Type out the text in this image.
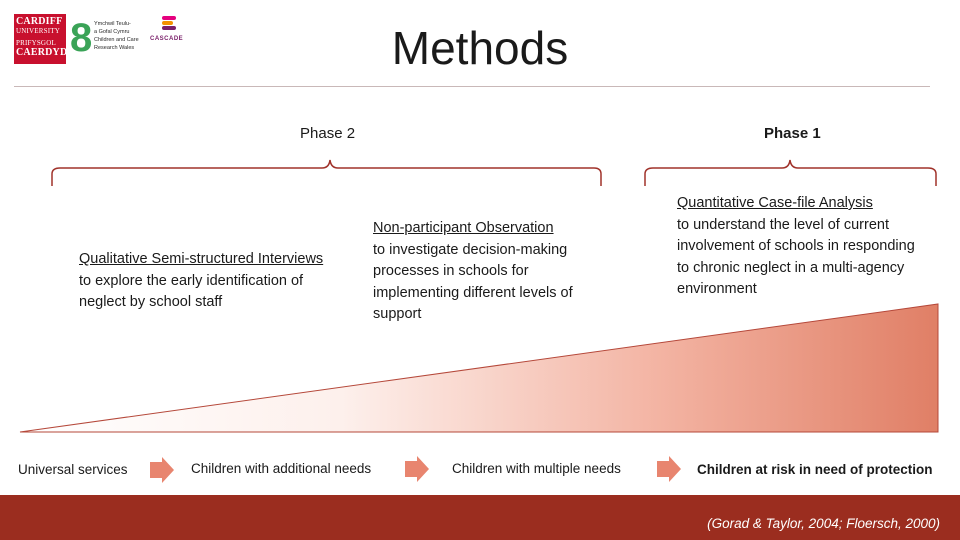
CARDIFF
UNIVERSITY
PRIFYSGOL
CAERDYDD
8 Ymchwil Teulu-
a Gofal Cymru
Children and Care
Research Wales
CASCADE	Methods
Phase 2	Phase 1
Qualitative Semi-structured Interviews
to explore the early identification of neglect by school staff
Non-participant Observation
to investigate decision-making processes in schools for implementing different levels of support
Quantitative Case-file Analysis
to understand the level of current involvement of schools in responding to chronic neglect in a multi-agency environment
Universal services	Children with additional needs	Children with multiple needs	Children at risk in need of protection
(Gorad & Taylor, 2004; Floersch, 2000)
